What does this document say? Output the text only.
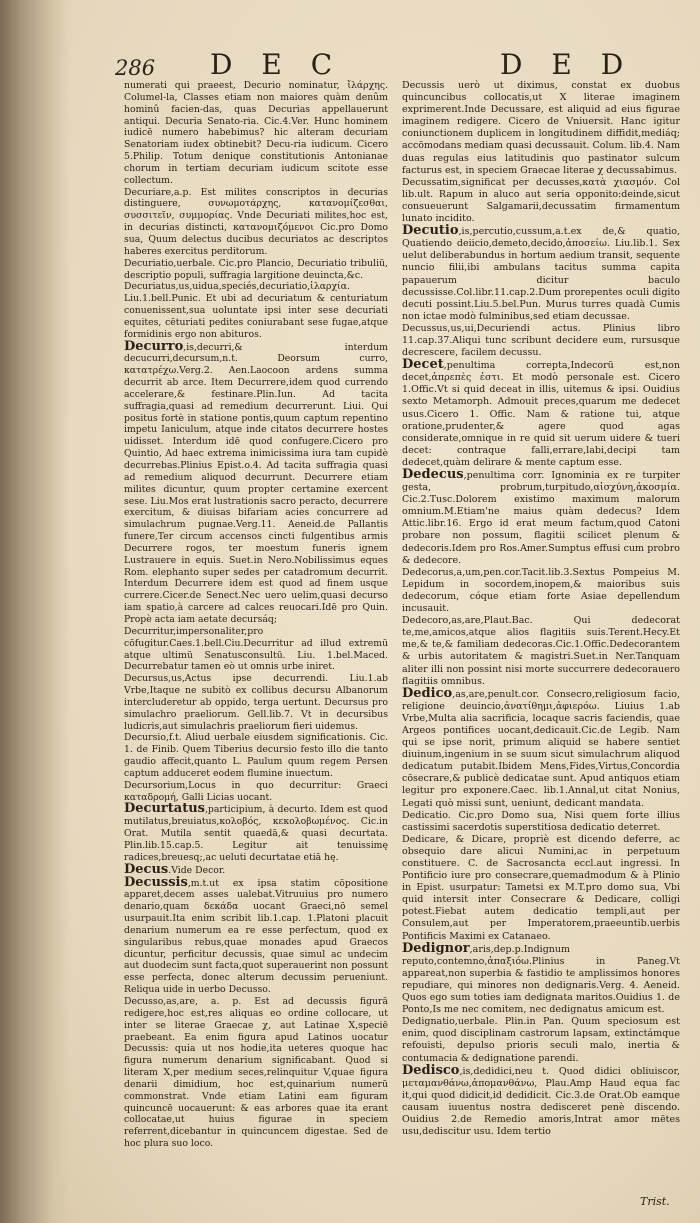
286 D E C	D E D

numerati qui praeest, Decurio nominatur, ἴλάρχης. Columel-la, Classes etiam non maiores quàm denûm hominû facien-das, quas Decurias appellauerunt antiqui. Decuria Senato-ria. Cic.4.Ver. Hunc hominem iudicē numero habebimus? hic alteram decuriam Senatoriam iudex obtinebit? Decu-ria iudicum. Cicero 5.Philip. Totum denique constitutionis Antonianae chorum in tertiam decuriam iudicum scitote esse collectum.

Decuriare,a.p. Est milites conscriptos in decurias distinguere, συνωμοτάρχης, κατανομίζεσθαι, συσσιτεῖν, συμμορίας. Vnde Decuriati milites,hoc est, in decurias distincti, κατανομιζόμενοι Cic.pro Domo sua, Quum delectus ducibus decuriatos ac descriptos haberes exercitus perditorum.

Decuriatio,uerbale. Cic.pro Plancio, Decuriatio tribuliū, descriptio populi, suffragia largitione deuincta,&c.

Decuriatus,us,uidua,speciés,decuriatio,ἰλαρχία. Liu.1.bell.Punic. Et ubi ad decuriatum & centuriatum conuenissent,sua uoluntate ipsi inter sese decuriati equites, cēturiati pedites coniurabant sese fugae,atque formidinis ergo non abituros.

Decurro,is,decurri,& interdum decucurri,decursum,n.t. Deorsum curro, κατατρέχω.Verg.2. Aen.Laocoon ardens summa decurrit ab arce. Item Decurrere,idem quod currendo accelerare,& festinare.Plin.Iun. Ad tacita suffragia,quasi ad remedium decurrerunt. Liui. Qui positus fortè in statione pontis,quum captum repentino impetu Ianiculum, atque inde citatos decurrere hostes uidisset. Interdum idē quod confugere.Cicero pro Quintio, Ad haec extrema inimicissima iura tam cupidè decurrebas.Plinius Epist.o.4. Ad tacita suffragia quasi ad remedium aliquod decurrunt. Decurrere etiam milites dicuntur, quum propter certamine exercent sese. Liu.Mos erat lustrationis sacro peracto, decurrere exercitum, & diuisas bifariam acies concurrere ad simulachrum pugnae.Verg.11. Aeneid.de Pallantis funere,Ter circum accensos cincti fulgentibus armis Decurrere rogos, ter moestum funeris ignem Lustrauere in equis. Suet.in Nero.Nobilissimus eques Rom. elephanto super sedes per catadromum decurrit. Interdum Decurrere idem est quod ad finem usque currere.Cicer.de Senect.Nec uero uelim,quasi decurso iam spatio,à carcere ad calces reuocari.Idē pro Quin. Propè acta iam aetate decursáq;

Decurritur,impersonaliter,pro cōfugitur.Caes.1.bell.Ciu.Decurritur ad illud extremū atque ultimū Senatusconsultū. Liu. 1.bel.Maced. Decurrebatur tamen eò ut omnis urbe iniret.

Decursus,us,Actus ipse decurrendi. Liu.1.ab Vrbe,Itaque ne subitò ex collibus decursu Albanorum intercluderetur ab oppido, terga uertunt. Decursus pro simulachro praeliorum. Gell.lib.7. Vt in decursibus ludicris,aut simulachris praeliorum fieri uidemus.

Decursio,f.t. Aliud uerbale eiusdem significationis. Cic. 1. de Finib. Quem Tiberius decursio festo illo die tanto gaudio affecit,quanto L. Paulum quum regem Persen captum adduceret eodem flumine inuectum.

Decursorium,Locus in quo decurritur: Graeci καταδρομή, Galli Licias uocant.

Decurtatus,participium, à decurto. Idem est quod mutilatus,breuiatus,κολοβός, κεκολοβωμένος. Cic.in Orat. Mutila sentit quaedā,& quasi decurtata. Plin.lib.15.cap.5. Legitur ait tenuissimę radices,breuesq;,ac ueluti decurtatae etiā hę.

Decus.Vide Decor.

Decussis,m.t.ut ex ipsa statim cōpositione apparet,decem asses ualebat.Vitruuius pro numero denario,quam δεκάδα uocant Graeci,nō semel usurpauit.Ita enim scribit lib.1.cap. 1.Platoni placuit denarium numerum ea re esse perfectum, quod ex singularibus rebus,quae monades apud Graecos dicuntur, perficitur decussis, quae simul ac undecim aut duodecim sunt facta,quot superauerint non possunt esse perfecta, donec alterum decussim perueniunt. Reliqua uide in uerbo Decusso.

Decusso,as,are, a. p. Est ad decussis figurā redigere,hoc est,res aliquas eo ordine collocare, ut inter se literae Graecae χ, aut Latinae X,speciē praebeant. Ea enim figura apud Latinos uocatur Decussis: quia ut nos hodie,ita ueteres quoque hac figura numerum denarium significabant. Quod si literam X,per medium seces,relinquitur V,quae figura denarii dimidium, hoc est,quinarium numerū commonstrat. Vnde etiam Latini eam figuram quincuncē uocauerunt: & eas arbores quae ita erant collocatae,ut huius figurae in speciem referrent,dicebantur in quincuncem digestae. Sed de hoc plura suo loco.

Decussis uerò ut diximus, constat ex duobus quincuncibus collocatis,ut X literae imaginem exprimerent.Inde Decussare, est aliquid ad eius figurae imaginem redigere. Cicero de Vniuersit. Hanc igitur coniunctionem duplicem in longitudinem diffidit,mediáq; accōmodans mediam quasi decussauit. Colum. lib.4. Nam duas regulas eius latitudinis quo pastinator sulcum facturus est, in speciem Graecae literae χ decussabimus.

Decussatim,significat per decusses,κατὰ χιασμόν. Col lib.ult. Rapum in aluco aut seria opponito:deinde,sicut consueuerunt Salgamarii,decussatim firmamentum lunato incidito.

Decutio,is,percutio,cussum,a.t.ex de,& quatio, Quatiendo deiicio,demeto,decido,ἀποσείω. Liu.lib.1. Sex uelut deliberabundus in hortum aedium transit, sequente nuncio filii,ibi ambulans tacitus summa capita papauerum dicitur baculo decussisse.Col.libr.11.cap.2.Dum prorepentes oculi digito decuti possint.Liu.5.bel.Pun. Murus turres quadà Cumis non ictae modò fulminibus,sed etiam decussae.

Decussus,us,ui,Decuriendi actus. Plinius libro 11.cap.37.Aliqui tunc scribunt decidere eum, rursusque decrescere, facilem decussu.

Decet,penultima correpta,Indecorū est,non decet,ἀπρεπὲς ἐστι. Et modò personale est. Cicero 1.Offic.Vt si quid deceat in illis, uitemus & ipsi. Ouidius sexto Metamorph. Admouit preces,quarum me dedecet usus.Cicero 1. Offic. Nam & ratione tui, atque oratione,prudenter,& agere quod agas considerate,omnique in re quid sit uerum uidere & tueri decet: contraque falli,errare,labi,decipi tam dedecet,quàm delirare & mente captum esse.

Dedecus,penultima corr. Ignominia ex re turpiter gesta, probrum,turpitudo,αἰσχύνη,ἀκοσμία. Cic.2.Tusc.Dolorem existimo maximum malorum omnium.M.Etiam'ne maius quàm dedecus? Idem Attic.libr.16. Ergo id erat meum factum,quod Catoni probare non possum, flagitii scilicet plenum & dedecoris.Idem pro Ros.Amer.Sumptus effusi cum probro & dedecore.

Dedecorus,a,um,pen.cor.Tacit.lib.3.Sextus Pompeius M. Lepidum in socordem,inopem,& maioribus suis dedecorum, cóque etiam forte Asiae depellendum incusauit.

Dedecoro,as,are,Plaut.Bac. Qui dedecorat te,me,amicos,atque alios flagitiis suis.Terent.Hecy.Et me,& te,& familiam dedecoras.Cic.1.Offic.Dedecorantem & urbis autoritatem & magistri.Suet.in Ner.Tanquam aliter illi non possint nisi morte succurrere dedecorauero flagitiis omnibus.

Dedico,as,are,penult.cor. Consecro,religiosum facio, religione deuincio,ἀνατίθημι,ἀφιερόω. Liuius 1.ab Vrbe,Multa alia sacrificia, locaque sacris faciendis, quae Argeos pontifices uocant,dedicauit.Cic.de Legib. Nam qui se ipse norit, primum aliquid se habere sentiet diuinum,ingenium in se suum sicut simulachrum aliquod dedicatum putabit.Ibidem Mens,Fides,Virtus,Concordia cōsecrare,& publicè dedicatae sunt. Apud antiquos etiam legitur pro exponere.Caec. lib.1.Annal,ut citat Nonius, Legati quò missi sunt, ueniunt, dedicant mandata.

Dedicatio. Cic.pro Domo sua, Nisi quem forte illius castissimi sacerdotis superstitiosa dedicatio deterret.

Dedicare, & Dicare, propriè est dicendo deferre, ac obsequio dare alicui Numini,ac in perpetuum constituere. C. de Sacrosancta eccl.aut ingressi. In Pontificio iure pro consecrare,quemadmodum & à Plinio in Epist. usurpatur: Tametsi ex M.T.pro domo sua, Vbi quid intersit inter Consecrare & Dedicare, colligi potest.Fiebat autem dedicatio templi,aut per Consulem,aut per Imperatorem,praeeuntib.uerbis Pontificis Maximi ex Catanaeo.

Dedignor,aris,dep.p.Indignum reputo,contemno,ἀπαξιόω.Plinius in Paneg.Vt appareat,non superbia & fastidio te amplissimos honores repudiare, qui minores non dedignaris.Verg. 4. Aeneid. Quos ego sum toties iam dedignata maritos.Ouidius 1. de Ponto,Is me nec comitem, nec dedignatus amicum est.

Dedignatio,uerbale. Plin.in Pan. Quum speciosum est enim, quod disciplinam castrorum lapsam, extinctámque refouisti, depulso prioris seculi malo, inertia & contumacia & dedignatione parendi.

Dedisco,is,dedidici,neu t. Quod didici obliuiscor, μεταμανθάνω,ἀπομανθάνω, Plau.Amp Haud equa fac it,qui quod didicit,id dedidicit. Cic.3.de Orat.Ob eamque causam iuuentus nostra dedisceret penè discendo. Ouidius 2.de Remedio amoris,Intrat amor mētes usu,dediscitur usu. Idem tertio

Trist.
